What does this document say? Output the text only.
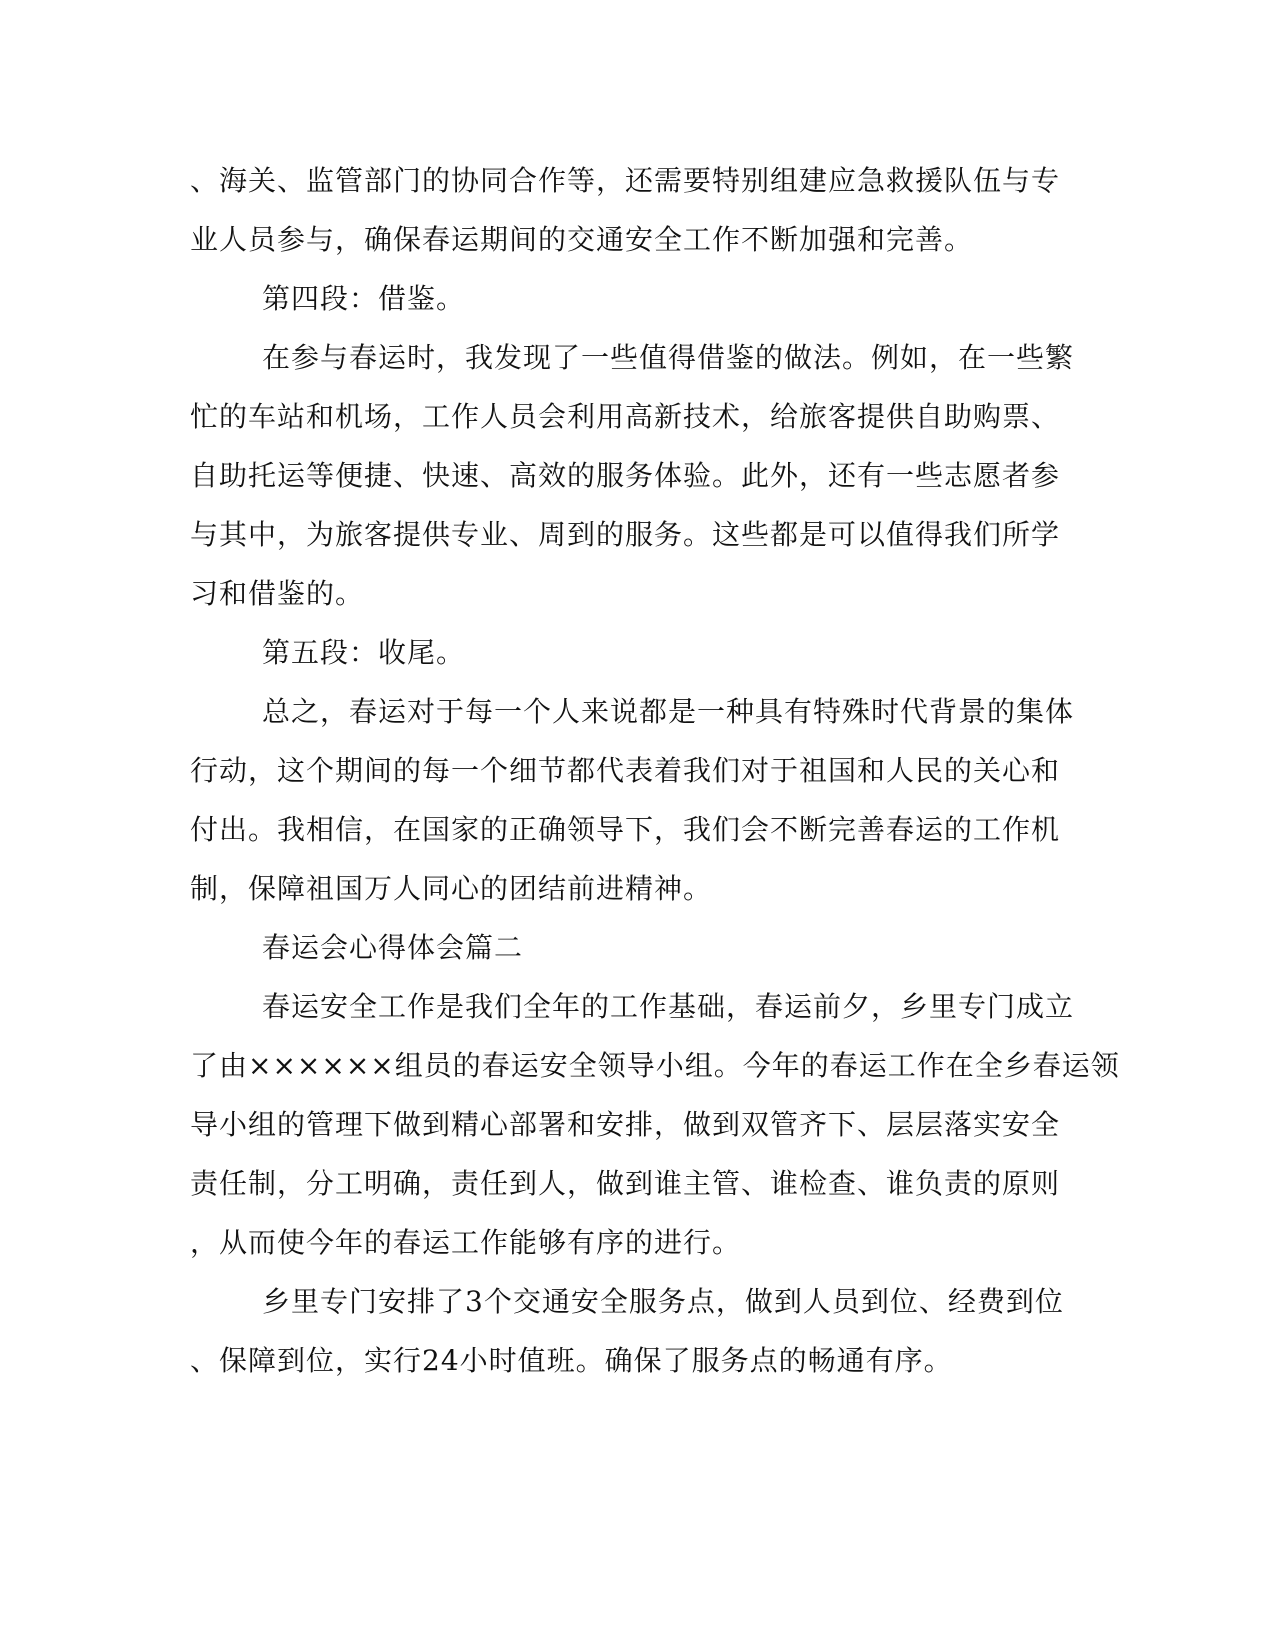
、海关、监管部门的协同合作等，还需要特别组建应急救援队伍与专
业人员参与，确保春运期间的交通安全工作不断加强和完善。
第四段：借鉴。
在参与春运时，我发现了一些值得借鉴的做法。例如，在一些繁
忙的车站和机场，工作人员会利用高新技术，给旅客提供自助购票、
自助托运等便捷、快速、高效的服务体验。此外，还有一些志愿者参
与其中，为旅客提供专业、周到的服务。这些都是可以值得我们所学
习和借鉴的。
第五段：收尾。
总之，春运对于每一个人来说都是一种具有特殊时代背景的集体
行动，这个期间的每一个细节都代表着我们对于祖国和人民的关心和
付出。我相信，在国家的正确领导下，我们会不断完善春运的工作机
制，保障祖国万人同心的团结前进精神。
春运会心得体会篇二
春运安全工作是我们全年的工作基础，春运前夕，乡里专门成立
了由××××××组员的春运安全领导小组。今年的春运工作在全乡春运领
导小组的管理下做到精心部署和安排，做到双管齐下、层层落实安全
责任制，分工明确，责任到人，做到谁主管、谁检查、谁负责的原则
，从而使今年的春运工作能够有序的进行。
乡里专门安排了3个交通安全服务点，做到人员到位、经费到位
、保障到位，实行24小时值班。确保了服务点的畅通有序。
